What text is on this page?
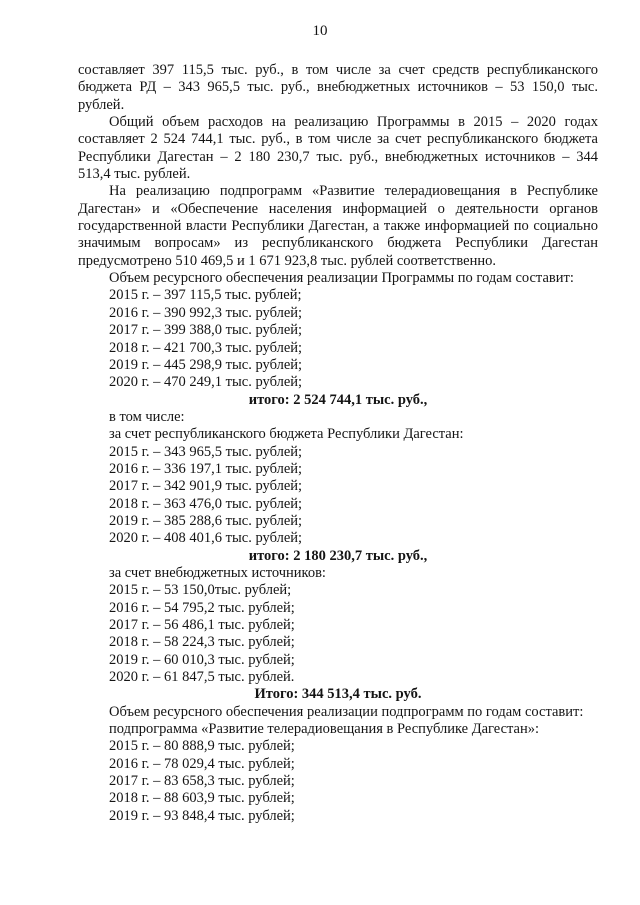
10

составляет 397 115,5 тыс. руб., в том числе за счет средств республиканского бюджета РД – 343 965,5 тыс. руб., внебюджетных источников – 53 150,0 тыс. рублей.

Общий объем расходов на реализацию Программы в 2015 – 2020 годах составляет 2 524 744,1 тыс. руб., в том числе за счет республиканского бюджета Республики Дагестан – 2 180 230,7 тыс. руб., внебюджетных источников – 344 513,4 тыс. рублей.

На реализацию подпрограмм «Развитие телерадиовещания в Республике Дагестан» и «Обеспечение населения информацией о деятельности органов государственной власти Республики Дагестан, а также информацией по социально значимым вопросам» из республиканского бюджета Республики Дагестан предусмотрено 510 469,5 и 1 671 923,8 тыс. рублей соответственно.

Объем ресурсного обеспечения реализации Программы по годам составит:

2015 г. – 397 115,5 тыс. рублей;

2016 г. – 390 992,3 тыс. рублей;

2017 г. – 399 388,0 тыс. рублей;

2018 г. – 421 700,3 тыс. рублей;

2019 г. – 445 298,9 тыс. рублей;

2020 г. – 470 249,1 тыс. рублей;

итого: 2 524 744,1 тыс. руб.,

в том числе:

за счет республиканского бюджета Республики Дагестан:

2015 г. – 343 965,5 тыс. рублей;

2016 г. – 336 197,1 тыс. рублей;

2017 г. – 342 901,9 тыс. рублей;

2018 г. – 363 476,0 тыс. рублей;

2019 г. – 385 288,6 тыс. рублей;

2020 г. – 408 401,6 тыс. рублей;

итого: 2 180 230,7 тыс. руб.,

за счет внебюджетных источников:

2015 г. – 53 150,0тыс. рублей;

2016 г. – 54 795,2 тыс. рублей;

2017 г. – 56 486,1 тыс. рублей;

2018 г. – 58 224,3 тыс. рублей;

2019 г. – 60 010,3 тыс. рублей;

2020 г. – 61 847,5 тыс. рублей.

Итого: 344 513,4 тыс. руб.

Объем ресурсного обеспечения реализации подпрограмм по годам составит:

подпрограмма «Развитие телерадиовещания в Республике Дагестан»:

2015 г. – 80 888,9 тыс. рублей;

2016 г. – 78 029,4 тыс. рублей;

2017 г. – 83 658,3 тыс. рублей;

2018 г. – 88 603,9 тыс. рублей;

2019 г. – 93 848,4 тыс. рублей;
